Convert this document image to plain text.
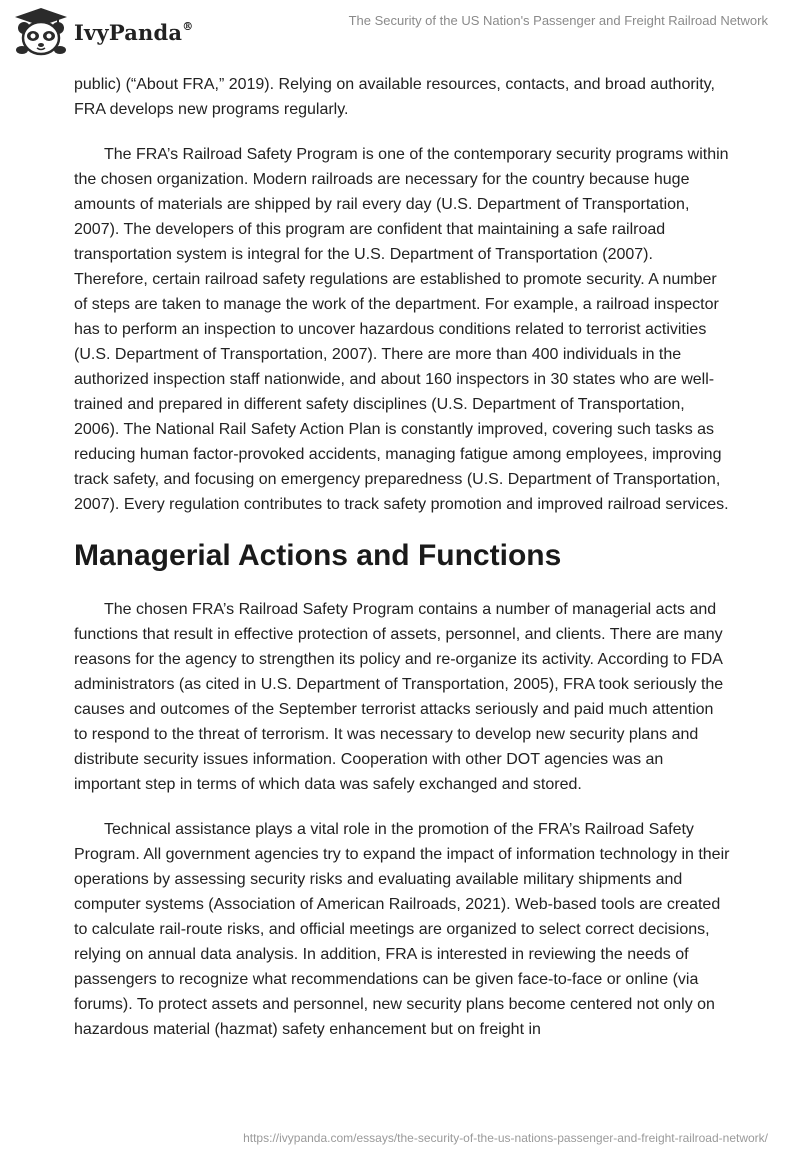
IvyPanda®	The Security of the US Nation's Passenger and Freight Railroad Network

public) (“About FRA,” 2019). Relying on available resources, contacts, and broad authority, FRA develops new programs regularly.

The FRA’s Railroad Safety Program is one of the contemporary security programs within the chosen organization. Modern railroads are necessary for the country because huge amounts of materials are shipped by rail every day (U.S. Department of Transportation, 2007). The developers of this program are confident that maintaining a safe railroad transportation system is integral for the U.S. Department of Transportation (2007). Therefore, certain railroad safety regulations are established to promote security. A number of steps are taken to manage the work of the department. For example, a railroad inspector has to perform an inspection to uncover hazardous conditions related to terrorist activities (U.S. Department of Transportation, 2007). There are more than 400 individuals in the authorized inspection staff nationwide, and about 160 inspectors in 30 states who are well-trained and prepared in different safety disciplines (U.S. Department of Transportation, 2006). The National Rail Safety Action Plan is constantly improved, covering such tasks as reducing human factor-provoked accidents, managing fatigue among employees, improving track safety, and focusing on emergency preparedness (U.S. Department of Transportation, 2007). Every regulation contributes to track safety promotion and improved railroad services.

Managerial Actions and Functions

The chosen FRA’s Railroad Safety Program contains a number of managerial acts and functions that result in effective protection of assets, personnel, and clients. There are many reasons for the agency to strengthen its policy and re-organize its activity. According to FDA administrators (as cited in U.S. Department of Transportation, 2005), FRA took seriously the causes and outcomes of the September terrorist attacks seriously and paid much attention to respond to the threat of terrorism. It was necessary to develop new security plans and distribute security issues information. Cooperation with other DOT agencies was an important step in terms of which data was safely exchanged and stored.

Technical assistance plays a vital role in the promotion of the FRA’s Railroad Safety Program. All government agencies try to expand the impact of information technology in their operations by assessing security risks and evaluating available military shipments and computer systems (Association of American Railroads, 2021). Web-based tools are created to calculate rail-route risks, and official meetings are organized to select correct decisions, relying on annual data analysis. In addition, FRA is interested in reviewing the needs of passengers to recognize what recommendations can be given face-to-face or online (via forums). To protect assets and personnel, new security plans become centered not only on hazardous material (hazmat) safety enhancement but on freight in

https://ivypanda.com/essays/the-security-of-the-us-nations-passenger-and-freight-railroad-network/
